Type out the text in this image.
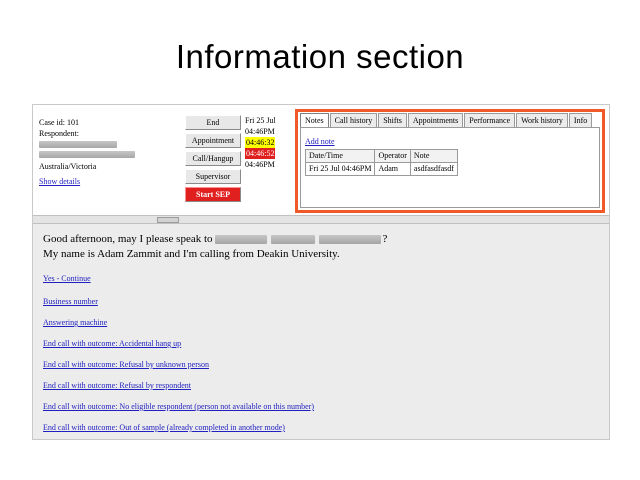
Information section
Case id: 101
Respondent:
Australia/Victoria
Show details
End
Appointment
Call/Hangup
Supervisor
Start SEP
Fri 25 Jul
04:46PM
04:46:32
04:46:52
04:46PM
Notes	Call history	Shifts	Appointments	Performance	Work history	Info
Add note
Date/Time	Operator	Note
Fri 25 Jul 04:46PM	Adam	asdfasdfasdf
Good afternoon, may I please speak to	?
My name is Adam Zammit and I'm calling from Deakin University.
Yes - Continue
Business number
Answering machine
End call with outcome: Accidental hang up
End call with outcome: Refusal by unknown person
End call with outcome: Refusal by respondent
End call with outcome: No eligible respondent (person not available on this number)
End call with outcome: Out of sample (already completed in another mode)
